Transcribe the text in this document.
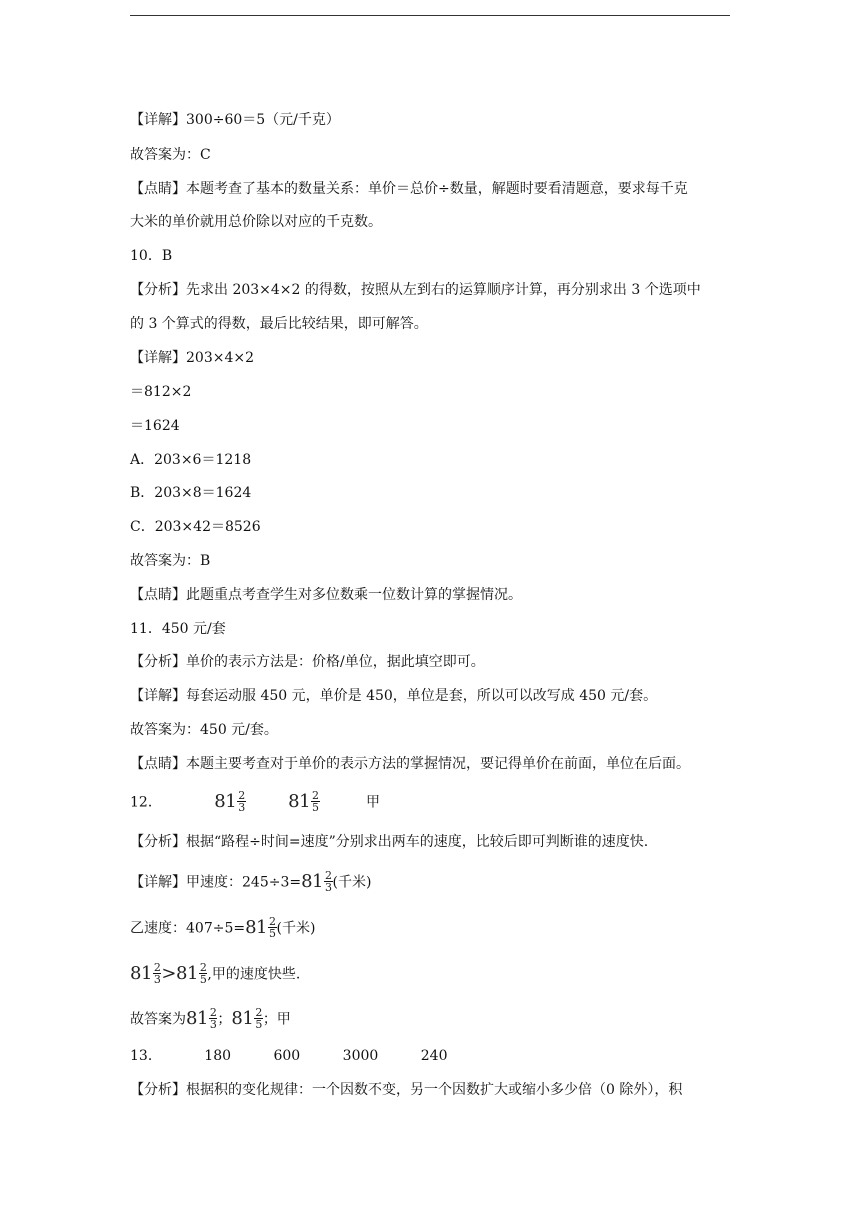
【详解】300÷60＝5（元/千克）
故答案为：C
【点睛】本题考查了基本的数量关系：单价＝总价÷数量，解题时要看清题意，要求每千克
大米的单价就用总价除以对应的千克数。
10．B
【分析】先求出 203×4×2 的得数，按照从左到右的运算顺序计算，再分别求出 3 个选项中
的 3 个算式的得数，最后比较结果，即可解答。
【详解】203×4×2
＝812×2
＝1624
A．203×6＝1218
B．203×8＝1624
C．203×42＝8526
故答案为：B
【点睛】此题重点考查学生对多位数乘一位数计算的掌握情况。
11．450 元/套
【分析】单价的表示方法是：价格/单位，据此填空即可。
【详解】每套运动服 450 元，单价是 450，单位是套，所以可以改写成 450 元/套。
故答案为：450 元/套。
【点睛】本题主要考查对于单价的表示方法的掌握情况，要记得单价在前面，单位在后面。
12．	$81 \frac{2}{3}$
$81 \frac{2}{5}$	甲
【分析】根据“路程÷时间=速度”分别求出两车的速度，比较后即可判断谁的速度快.
【详解】甲速度：$245\div 3= 81 \frac{2}{3}$ (千米)
乙速度：$407\div 5= 81 \frac{2}{5}$ (千米)
$81 \frac{2}{3} > 81 \frac{2}{5}$ ,甲的速度快些.
故答案为 $81 \frac{2}{3}$ ； $81 \frac{2}{5}$ ；甲
13．	180	600	3000	240
【分析】根据积的变化规律：一个因数不变，另一个因数扩大或缩小多少倍（0 除外），积
